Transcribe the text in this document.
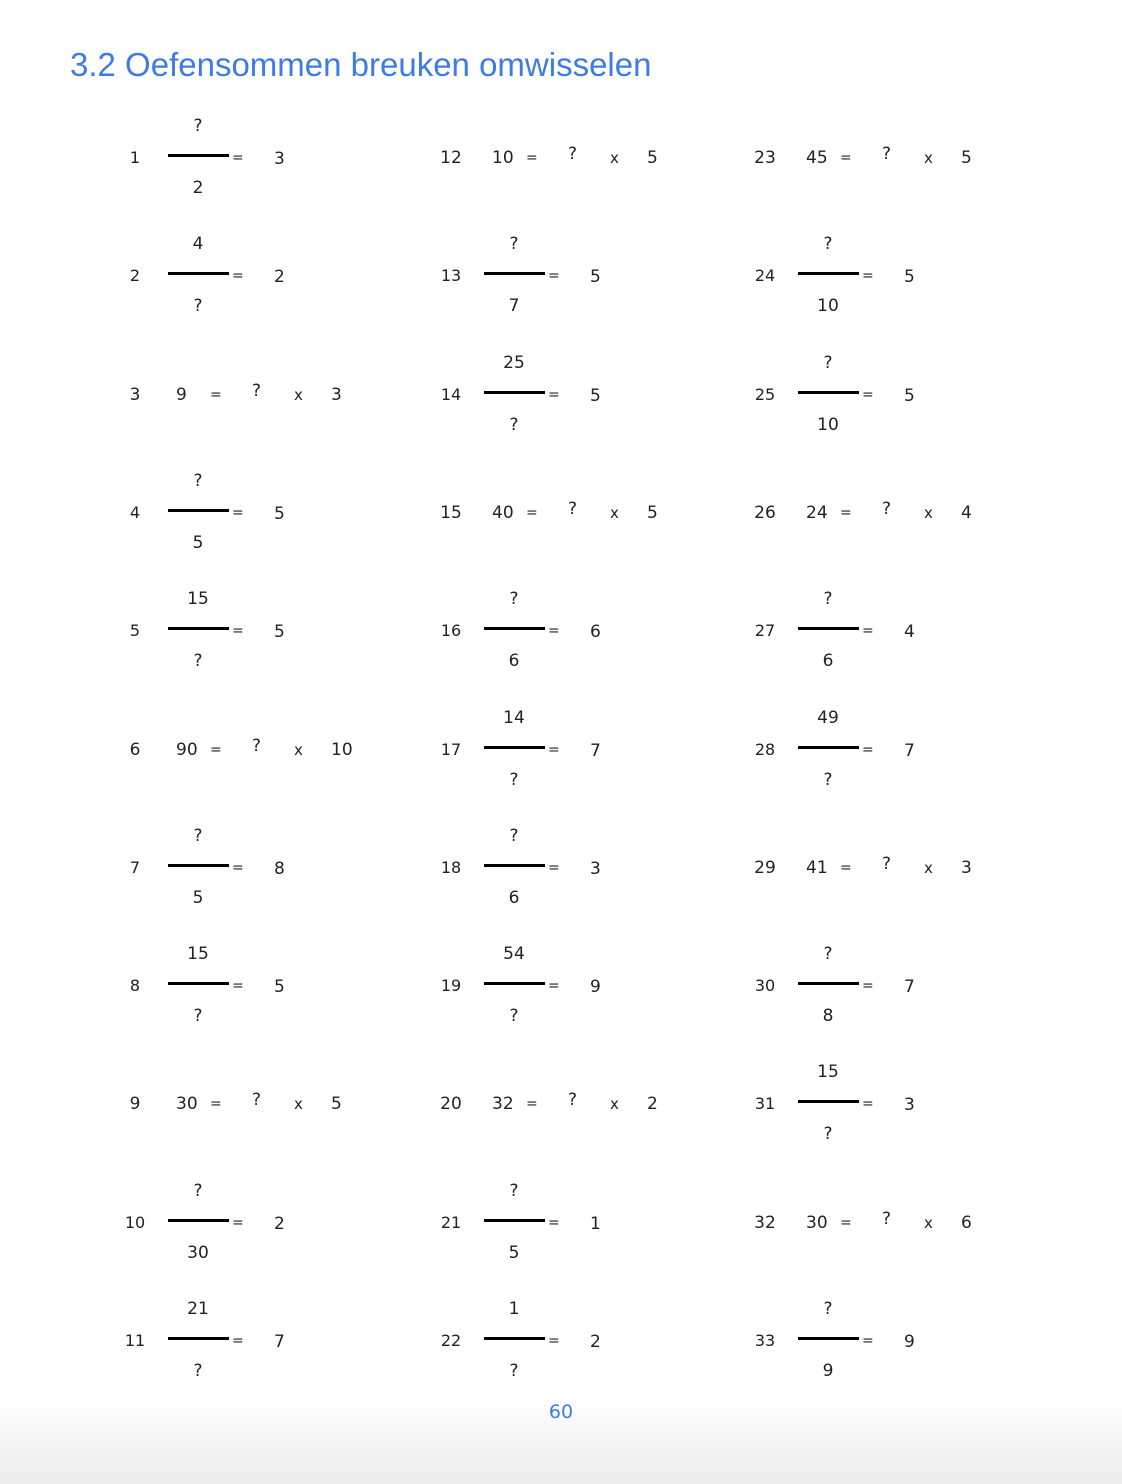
3.2 Oefensommen breuken omwisselen
1
?
2
= 3
2
4
?
= 2
3	9 = ? x 3
4
?
5
= 5
5
15
?
= 5
6	90 = ? x 10
7
?
5
= 8
8
15
?
= 5
9	30 = ? x 5
10
?
30
= 2
11
21
?
= 7
12 10 = ? x 5
13
?
7
= 5
14
25
?
= 5
15 40 = ? x 5
16
?
6
= 6
17
14
?
= 7
18
?
6
= 3
19
54
?
= 9
20 32 = ? x 2
21
?
5
= 1
22
1
?
= 2
23 45 = ? x 5
24
?
10
= 5
25
?
10
= 5
26 24 = ? x 4
27
?
6
= 4
28
49
?
= 7
29 41 = ? x 3
30
?
8
= 7
31
15
?
= 3
32 30 = ? x 6
33
?
9
= 9
60
